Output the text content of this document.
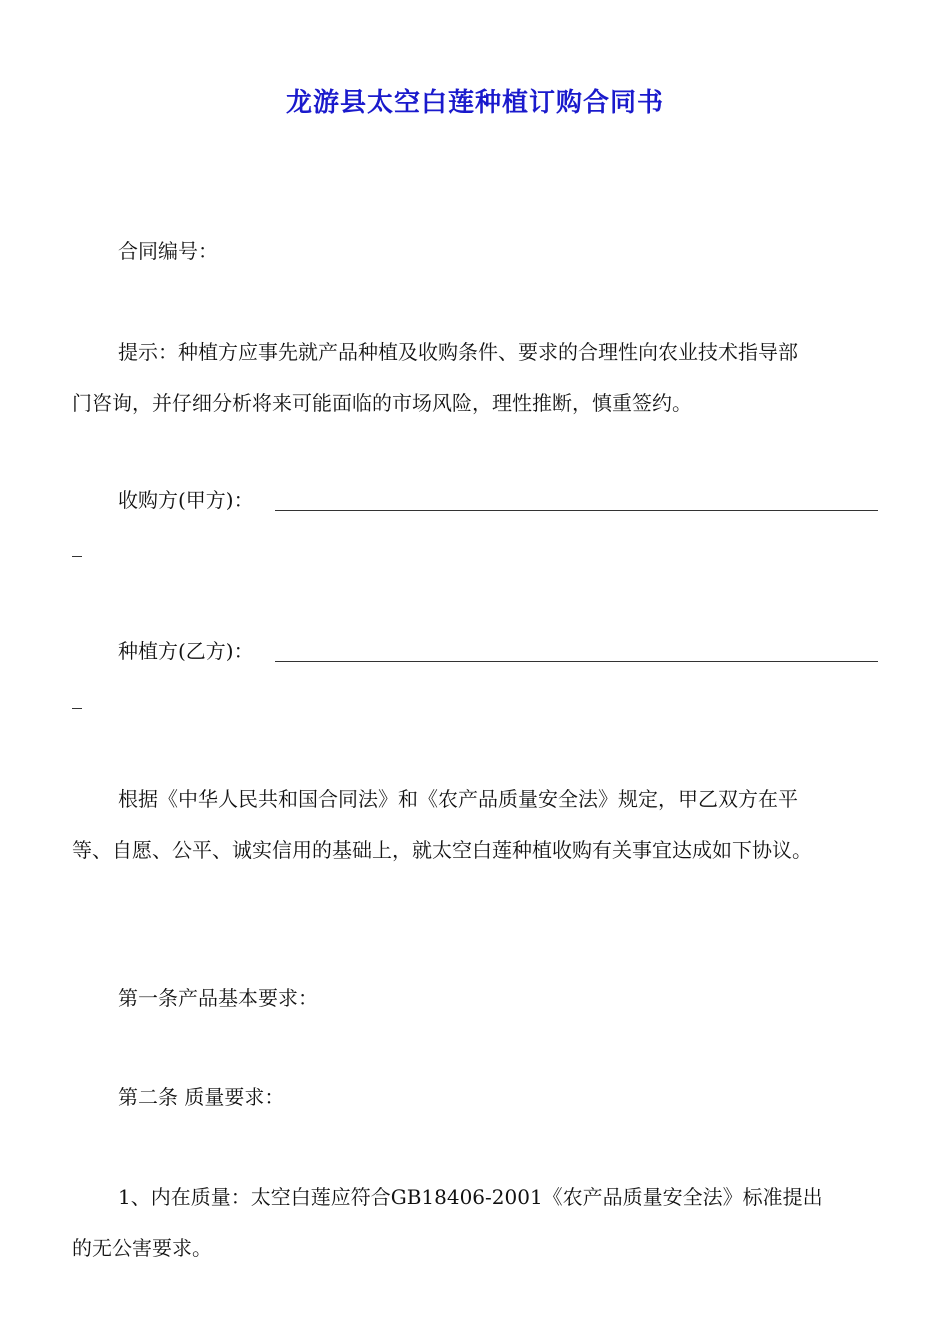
龙游县太空白莲种植订购合同书
合同编号：
提示：种植方应事先就产品种植及收购条件、要求的合理性向农业技术指导部
门咨询，并仔细分析将来可能面临的市场风险，理性推断，慎重签约。
收购方(甲方)：
种植方(乙方)：
根据《中华人民共和国合同法》和《农产品质量安全法》规定，甲乙双方在平
等、自愿、公平、诚实信用的基础上，就太空白莲种植收购有关事宜达成如下协议。
第一条产品基本要求：
第二条 质量要求：
1、内在质量：太空白莲应符合GB18406-2001《农产品质量安全法》标准提出
的无公害要求。
